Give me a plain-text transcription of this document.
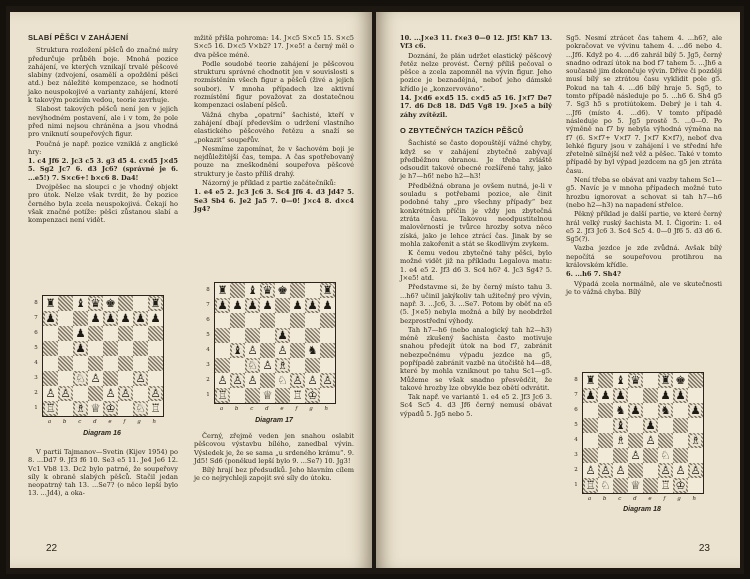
SLABÍ PĚŠCI V ZAHÁJENÍ

Struktura rozložení pěšců do značné míry předurčuje průběh boje. Mnohá pozice zahájení, ve kterých vznikají trvalé pěšcové slabiny (zdvojení, osamělí a opoždění pěšci atd.) bez náležité kompenzace, se hodnotí jako neuspokojivé a varianty zahájení, které k takovým pozicím vedou, teorie zavrhuje.

Slabost takových pěšců není jen v jejich nevýhodném postavení, ale i v tom, že pole před nimi nejsou chráněna a jsou vhodná pro vniknutí soupeřových figur.

Poučná je např. pozice vzniklá z anglické hry:

1. c4 Jf6 2. Jc3 c5 3. g3 d5 4. c×d5 J×d5 5. Sg2 Jc7 6. d3 Jc6? (správné je 6. ...e5!) 7. S×c6+! b×c6 8. Da4!

Dvojpěšec na sloupci c je vhodný objekt pro útok. Nelze však tvrdit, že by pozice černého byla zcela neuspokojivá. Čekají ho však značné potíže: pěšci zůstanou slabí a kompenzaci není vidět.

8
7
6
5
4
3
2
1
♜ ♝ ♛ ♚	♜
♟	♟ ♟ ♟ ♟ ♟
♟
♟
♘ ♙	♙
♙ ♙	♙ ♙ ♙
♖ ♗ ♕ ♔ ♘ ♖
a b c d e f g h
Diagram 16

V partii Tajmanov—Svetin (Kijev 1954) po 8. ...Dd7 9. Jf3 f6 10. Se3 e5 11. Je4 Je6 12. Vc1 Vb8 13. Dc2 bylo patrné, že soupeřovy síly k obraně slabých pěšců. Stačil jedan neopatrný tah 13. ...Se7? (o něco lepší bylo 13. ...Jd4), a oka-

mžitě přišla pohroma: 14. J×c5 S×c5 15. S×c5 S×c5 16. D×c5 V×b2? 17. J×e5! a černý měl o dva pěšce méně.

Podle soudobé teorie zahájení je pěšcovou strukturu správné chodnotit jen v souvislosti s rozmístěním všech figur a pěšců (živé a jejich soubor). V mnoha případech lze aktivní rozmístění figur považovat za dostatečnou kompenzaci oslabení pěšců.

Vážná chyba „opatrní“ šachisté, kteří v zahájení dbají především o udržení vlastního elastického pěšcového řetězu a snaží se „pokazit“ soupeřův.

Nesmíme zapomínat, že v šachovém boji je nejdůležitější čas, tempa. A čas spotřebovaný pouze na zneškodnění soupeřova pěšcové struktury je často příliš drahý.

Názorný je příklad z partie začátečníků:

1. e4 e5 2. Jc3 Jc6 3. Sc4 Jf6 4. d3 Jd4? 5. Se3 Sb4 6. Je2 Ja5 7. 0—0! J×c4 8. d×c4 Jg4?

8
7
6
5
4
3
2
1
♜ ♝ ♛ ♚	♜
♟ ♟ ♟ ♟ ♟ ♟ ♟
♟
♝ ♙ ♙ ♞
♘ ♙ ♗
♙ ♙ ♙ ♘ ♙ ♙ ♙
♖	♕ ♖ ♔
a b c d e f g h
Diagram 17

Černý, zřejmě veden jen snahou oslabit pěšcovou výstavbu bílého, zanedbal vývin. Výsledek je, že se sama „u srdeného krámu“. 9. Jd5! Sd6 (poněkud lepší bylo 9. ...Se7) 10. Jg3!

Bílý hrají bez předsudků. Jeho hlavním cílem je co nejrychleji zapojit své síly do útoku.

22

10. ...J×e3 11. f×e3 0—0 12. Jf5! Kh7 13. Vf3 c6.

Doznání, že plán udržet elastický pěšcový řetěz nelze provést. Černý příliš pečoval o pěšce a zcela zapomněl na vývin figur. Jeho pozice je beznadějná, neboť jeho dámské křídlo je „konzervováno“.

14. J×d6 e×d5 15. c×d5 a5 16. J×f7 De7 17. d6 Dc8 18. Dd5 Vg8 19. J×e5 a bílý záhy zvítězil.

O ZBYTEČNÝCH TAZÍCH PĚŠCŮ

Šachisté se často dopouštějí vážné chyby, když se v zahájení zbytečně zabývají předběžnou obranou. Je třeba zvláště odsoudit takové obecné rozšířené tahy, jako je h7—h6! nebo h2—h3!

Předběžná obrana je ovšem nutná, je-li v souladu s potřebami pozice, ale činit podobné tahy „pro všechny případy“ bez konkrétních příčin je vždy jen zbytečná ztráta času. Takovou neodpustitelnou malověrností je tvůrce hrozby sotva něco získá, jako je lehce ztrácí čas. Jinak by se mohla zakořenit a stát se škodlivým zvykem.

K čemu vedou zbytečné tahy pěšci, bylo možné vidět již na příkladu Legalova matu: 1. e4 e5 2. Jf3 d6 3. Sc4 h6? 4. Jc3 Sg4? 5. J×e5! atd.

Představme si, že by černý místo tahu 3. ...h6? učinil jakýkoliv tah užitečný pro vývin, např. 3. ...Jc6, 3. ...Se7. Potom by oběť na e5 (5. J×e5) nebyla možná a bílý by neobdržel bezprostřední výhody.

Tah h7—h6 (nebo analogický tah h2—h3) méně zkušený šachista často motivuje snahou předejít útok na bod f7, zabránit nebezpečnému výpadu jezdce na g5, popřípadě zabránit vazbě na útočiště h4—d8, které by mohla vzniknout po tahu Sc1—g5. Můžeme se však snadno přesvědčit, že takové hrozby lze obvykle bez obětí odvrátit.

Tak např. ve variantě 1. e4 e5 2. Jf3 Jc6 3. Sc4 Sc5 4. d3 Jf6 černý nemusí obávat výpadů 5. Jg5 nebo 5.

Sg5. Nesmí ztrácet čas tahem 4. ...h6?, ale pokračovat ve vývinu tahem 4. ...d6 nebo 4. ...Jf6. Když po 4. ...d6 zahrál bílý 5. Jg5, černý snadno odrazí útok na bod f7 tahem 5. ...Jh6 a současně jim dokončuje vývin. Dříve či později musí bílý se ztrátou času vyklidit pole g5. Pokud na tah 4. ...d6 bílý hraje 5. Sg5, to tomto případě následuje po 5. ...h6 6. Sh4 g5 7. Sg3 h5 s protiútokem. Debrý je i tah 4. ...Jf6 (místo 4. ...d6). V tomto případě následuje po 5. Jg5 prostě 5. ...0—0. Po výměně na f7 by nebyla výhodná výměna na f7 (6. S×f7+ V×f7 7. J×f7 K×f7), neboť dva lehké figury jsou v zahájení i ve střední hře zřetelně silnější než věž a pěšec. Také v tomto případě by byl výpad jezdcem na g5 jen ztráta času.

Není třeba se obávat ani vazby tahem Sc1—g5. Navíc je v mnoha případech možné tuto hrozbu ignorovat a schovat si tah h7—h6 (nebo h2—h3) na napadení střelce.

Pěkný příklad je další partie, ve které černý hrál velký ruský šachista M. I. Čigorin: 1. e4 e5 2. Jf3 Jc6 3. Sc4 Sc5 4. 0—0 Jf6 5. d3 d6 6. Sg5(?).

Vazba jezdce je zde zvůdná. Avšak bílý nepočítá se soupeřovou protihrou na královském křídle.

6. ...h6 7. Sh4?

Výpadá zcela normálně, ale ve skutečnosti je to vážná chyba. Bílý

8
7
6
5
4
3
2
1
♜ ♝ ♛ ♜ ♚
♟ ♟ ♟	♟ ♟
♞ ♟ ♞ ♟
♝ ♟
♗ ♙	♗
♙ ♘
♙ ♙ ♙	♙ ♙ ♙
♖ ♘ ♕ ♖ ♔
a b c d e f g h
Diagram 18
23
